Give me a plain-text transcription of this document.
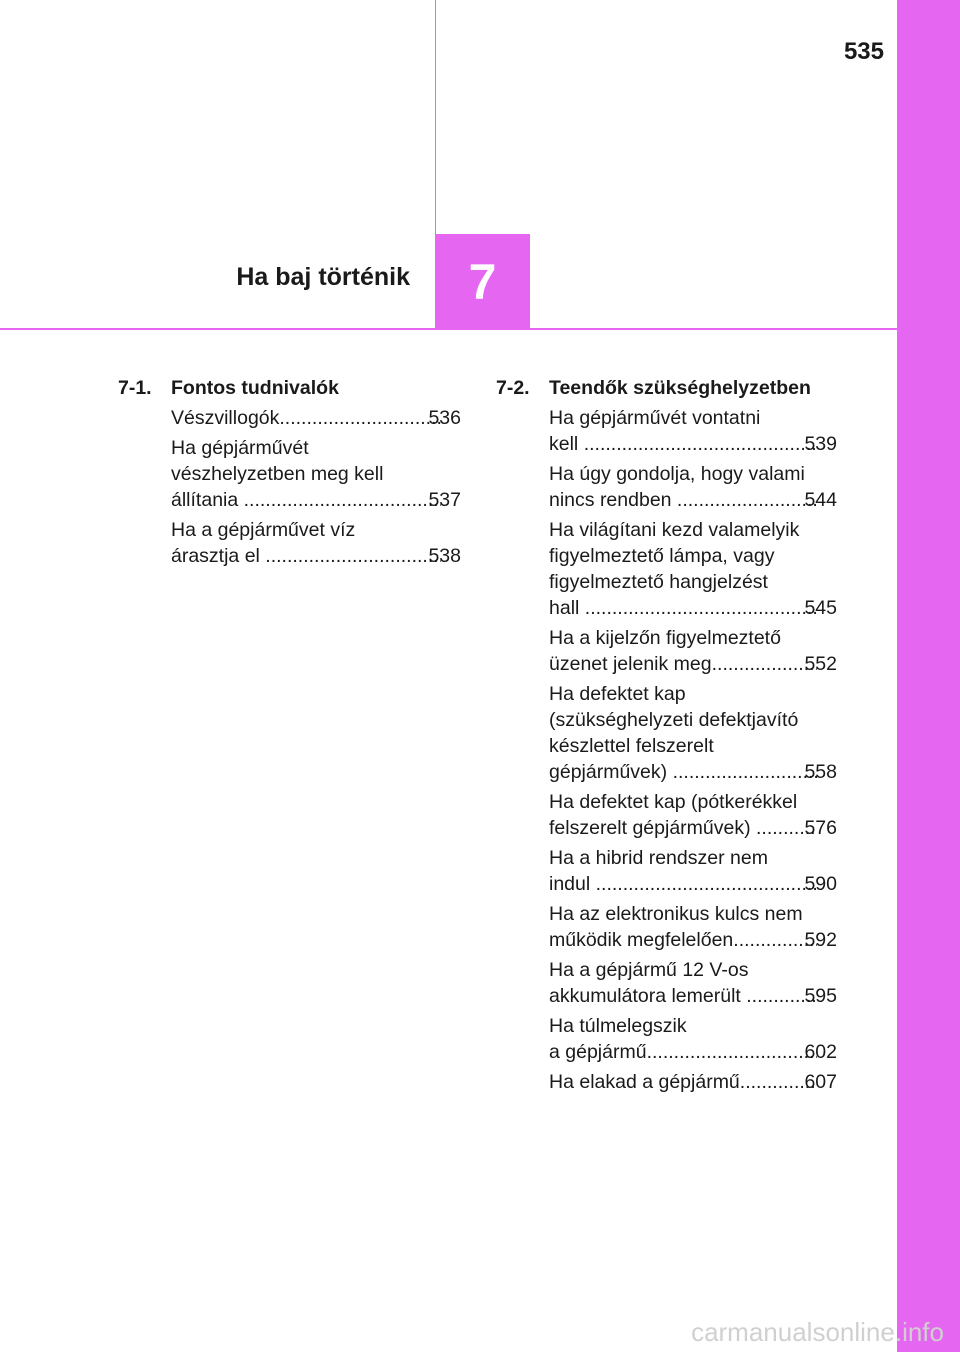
535
Ha baj történik 7
7-1. Fontos tudnivalók
Vészvillogók .....	536
Ha gépjárművét
vészhelyzetben meg kell
állítania .....	537
Ha a gépjárművet víz
árasztja el .....	538
7-2. Teendők szükséghelyzetben
Ha gépjárművét vontatni
kell .....	539
Ha úgy gondolja, hogy valami
nincs rendben .....	544
Ha világítani kezd valamelyik
figyelmeztető lámpa, vagy
figyelmeztető hangjelzést
hall .....	545
Ha a kijelzőn figyelmeztető
üzenet jelenik meg .....	552
Ha defektet kap
(szükséghelyzeti defektjavító
készlettel felszerelt
gépjárművek) .....	558
Ha defektet kap (pótkerékkel
felszerelt gépjárművek) ..... 576
Ha a hibrid rendszer nem
indul .....	590
Ha az elektronikus kulcs nem
működik megfelelően .....	592
Ha a gépjármű 12 V-os
akkumulátora lemerült .....	595
Ha túlmelegszik
a gépjármű .....	602
Ha elakad a gépjármű .....	607
carmanualsonline.info
